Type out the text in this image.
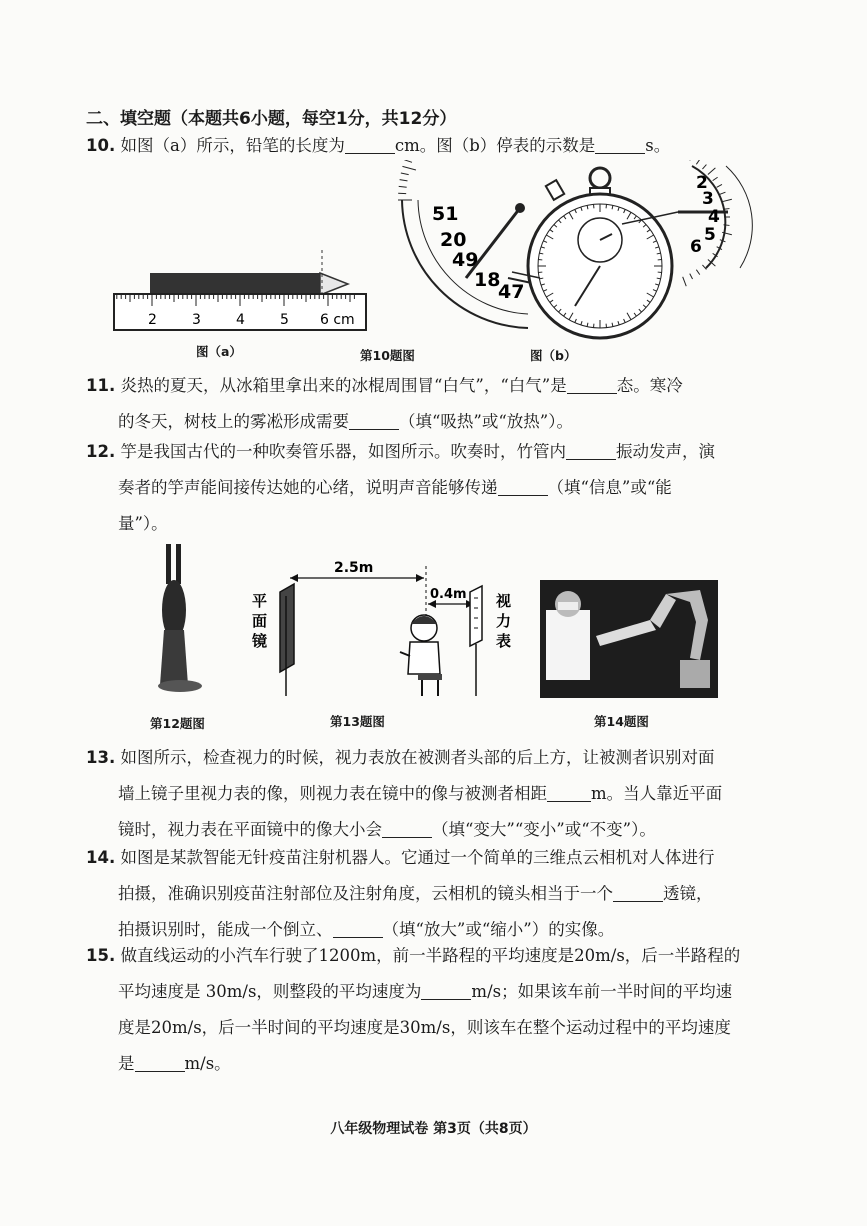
二、填空题（本题共6小题，每空1分，共12分）
10. 如图（a）所示，铅笔的长度为	cm。图（b）停表的示数是	s。
2	3	4	5 6 cm
51
20
49
18
47
2
3
4
5
6
图（a）	第10题图	图（b）
11. 炎热的夏天，从冰箱里拿出来的冰棍周围冒“白气”，“白气”是	态。寒冷
的冬天，树枝上的雾凇形成需要	（填“吸热”或“放热”）。
12. 竽是我国古代的一种吹奏管乐器，如图所示。吹奏时，竹管内	振动发声，演
奏者的竽声能间接传达她的心绪，说明声音能够传递	（填“信息”或“能
量”）。
平面镜
2.5m
0.4m 视力表
第12题图	第13题图	第14题图
13. 如图所示，检查视力的时候，视力表放在被测者头部的后上方，让被测者识别对面
墙上镜子里视力表的像，则视力表在镜中的像与被测者相距	m。当人靠近平面
镜时，视力表在平面镜中的像大小会	（填“变大”“变小”或“不变”）。
14. 如图是某款智能无针疫苗注射机器人。它通过一个简单的三维点云相机对人体进行
拍摄，准确识别疫苗注射部位及注射角度，云相机的镜头相当于一个	透镜，
拍摄识别时，能成一个倒立、	（填“放大”或“缩小”）的实像。
15. 做直线运动的小汽车行驶了1200m，前一半路程的平均速度是20m/s，后一半路程的
平均速度是 30m/s，则整段的平均速度为	m/s；如果该车前一半时间的平均速
度是20m/s，后一半时间的平均速度是30m/s，则该车在整个运动过程中的平均速度
是	m/s。
八年级物理试卷 第3页（共8页）
